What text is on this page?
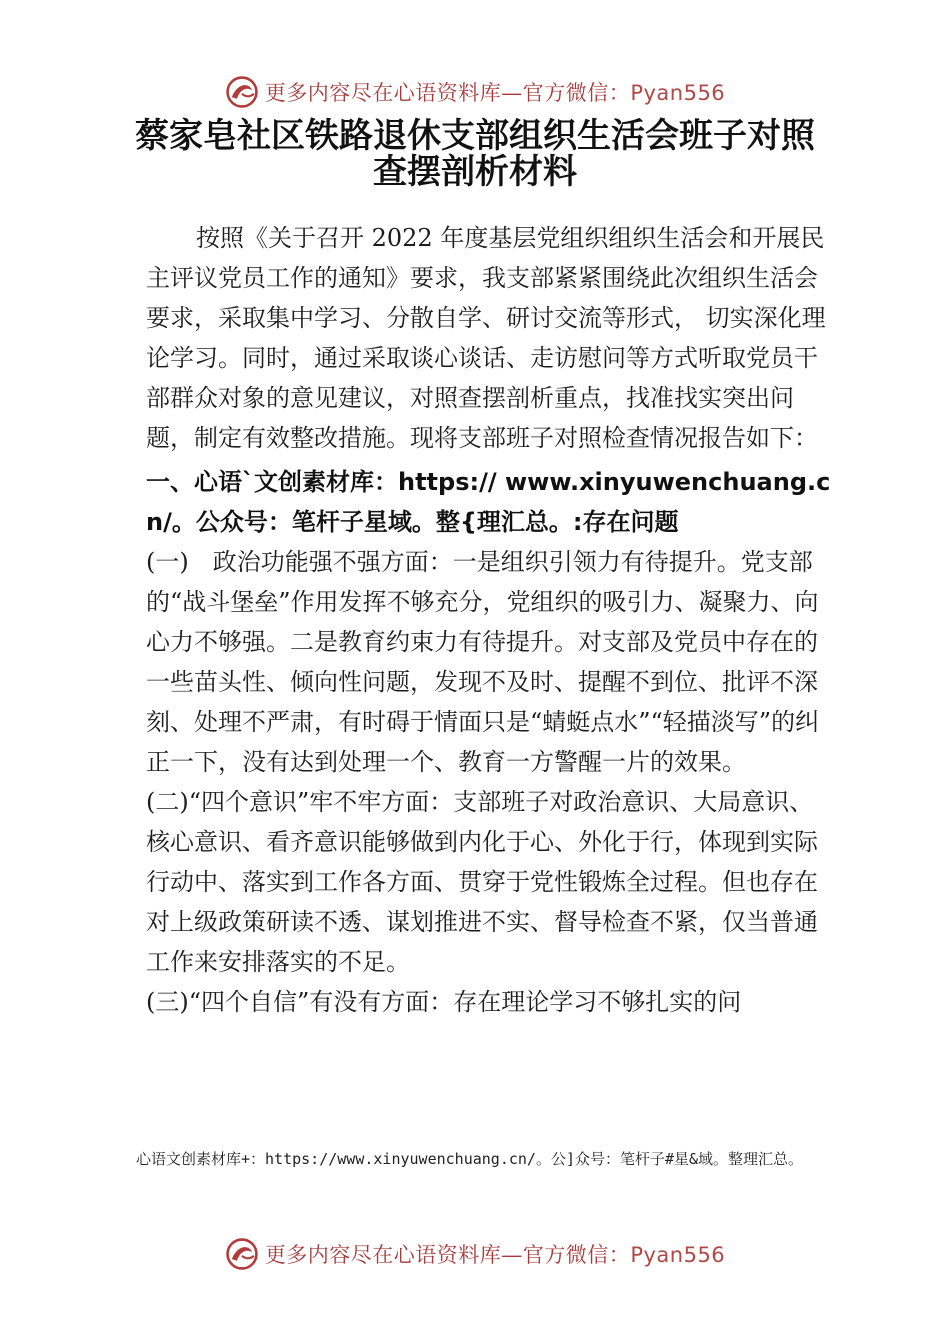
更多内容尽在心语资料库—官方微信：Pyan556
蔡家皂社区铁路退休支部组织生活会班子对照查摆剖析材料

按照《关于召开 2022 年度基层党组织组织生活会和开展民主评议党员工作的通知》要求，我支部紧紧围绕此次组织生活会要求，采取集中学习、分散自学、研讨交流等形式， 切实深化理论学习。同时，通过采取谈心谈话、走访慰问等方式听取党员干部群众对象的意见建议，对照查摆剖析重点，找准找实突出问题，制定有效整改措施。现将支部班子对照检查情况报告如下：

一、心语`文创素材库：https:// www.xinyuwenchuang.cn/。公众号：笔杆子星域。整{理汇总。:存在问题

(一)　政治功能强不强方面：一是组织引领力有待提升。党支部的“战斗堡垒”作用发挥不够充分，党组织的吸引力、凝聚力、向心力不够强。二是教育约束力有待提升。对支部及党员中存在的一些苗头性、倾向性问题，发现不及时、提醒不到位、批评不深刻、处理不严肃，有时碍于情面只是“蜻蜓点水”“轻描淡写”的纠正一下，没有达到处理一个、教育一方警醒一片的效果。

(二)“四个意识”牢不牢方面：支部班子对政治意识、大局意识、核心意识、看齐意识能够做到内化于心、外化于行，体现到实际行动中、落实到工作各方面、贯穿于党性锻炼全过程。但也存在对上级政策研读不透、谋划推进不实、督导检查不紧，仅当普通工作来安排落实的不足。

(三)“四个自信”有没有方面：存在理论学习不够扎实的问

心语文创素材库+：https://www.xinyuwenchuang.cn/。公]众号：笔杆子#星&域。整理汇总。
更多内容尽在心语资料库—官方微信：Pyan556
